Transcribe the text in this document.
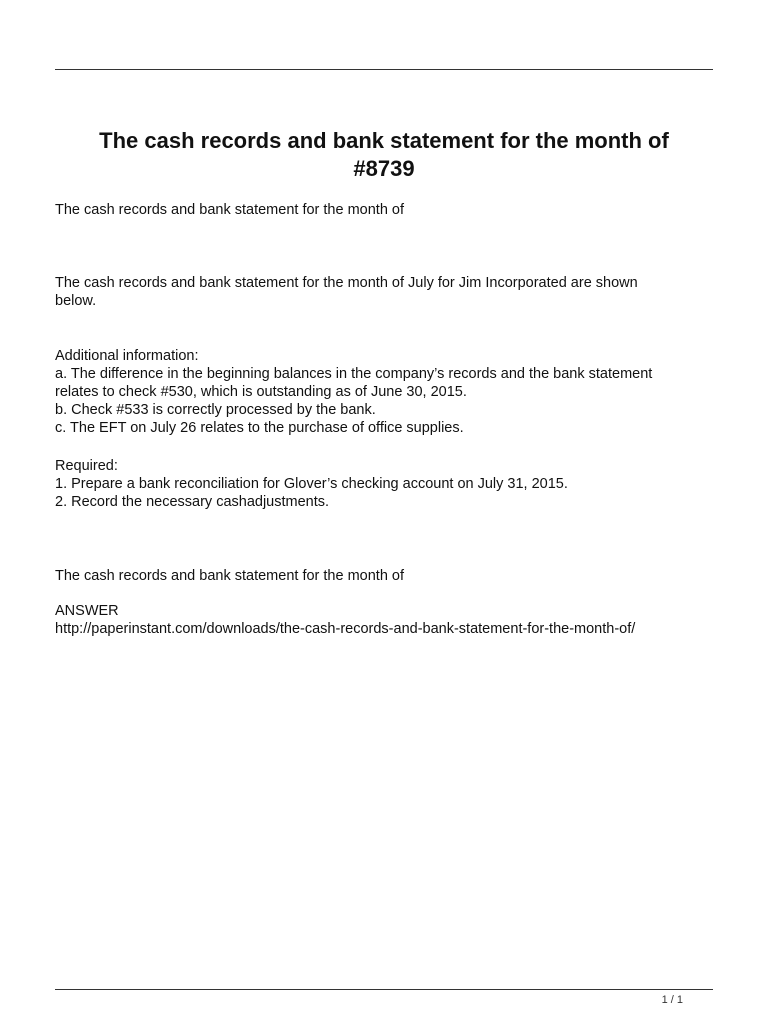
The cash records and bank statement for the month of
#8739

The cash records and bank statement for the month of

The cash records and bank statement for the month of July for Jim Incorporated are shown

below.

Additional information:

a. The difference in the beginning balances in the company’s records and the bank statement

relates to check #530, which is outstanding as of June 30, 2015.

b. Check #533 is correctly processed by the bank.

c. The EFT on July 26 relates to the purchase of office supplies.

Required:

1. Prepare a bank reconciliation for Glover’s checking account on July 31, 2015.

2. Record the necessary cashadjustments.

The cash records and bank statement for the month of

ANSWER

http://paperinstant.com/downloads/the-cash-records-and-bank-statement-for-the-month-of/

1 / 1
